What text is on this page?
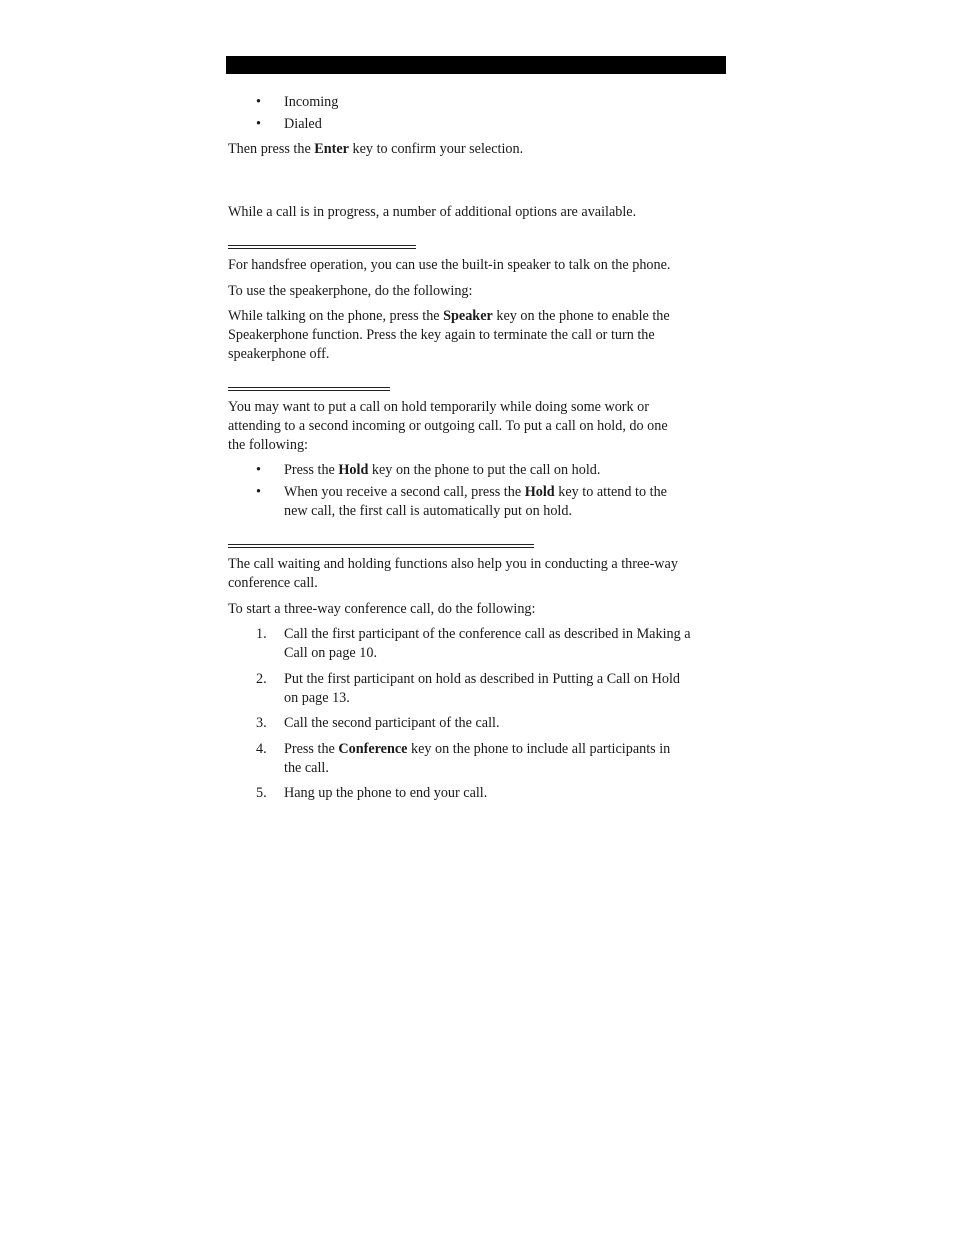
• Incoming
• Dialed
Then press the Enter key to confirm your selection.
While a call is in progress, a number of additional options are available.
For handsfree operation, you can use the built-in speaker to talk on the phone.
To use the speakerphone, do the following:
While talking on the phone, press the Speaker key on the phone to enable the
Speakerphone function. Press the key again to terminate the call or turn the
speakerphone off.
You may want to put a call on hold temporarily while doing some work or
attending to a second incoming or outgoing call. To put a call on hold, do one
the following:
• Press the Hold key on the phone to put the call on hold.
• When you receive a second call, press the Hold key to attend to the
new call, the first call is automatically put on hold.
The call waiting and holding functions also help you in conducting a three-way
conference call.
To start a three-way conference call, do the following:
1. Call the first participant of the conference call as described in Making a
Call on page 10.
2. Put the first participant on hold as described in Putting a Call on Hold
on page 13.
3. Call the second participant of the call.
4. Press the Conference key on the phone to include all participants in
the call.
5. Hang up the phone to end your call.
